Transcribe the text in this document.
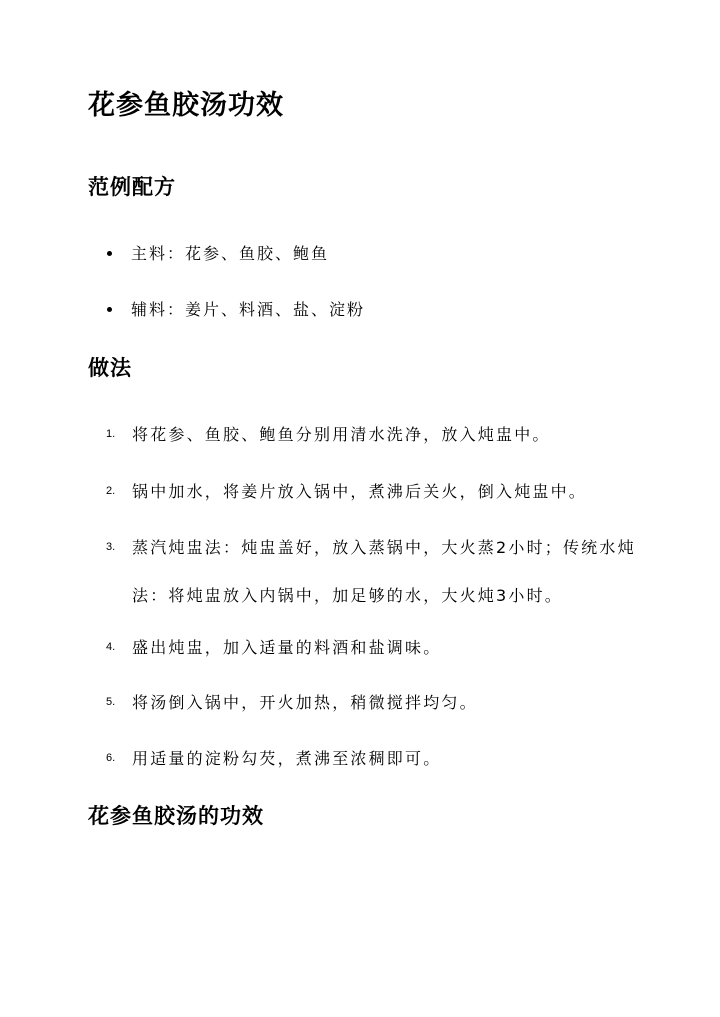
花参鱼胶汤功效
范例配方
主料：花参、鱼胶、鲍鱼
辅料：姜片、料酒、盐、淀粉
做法
1. 将花参、鱼胶、鲍鱼分别用清水洗净，放入炖盅中。
2. 锅中加水，将姜片放入锅中，煮沸后关火，倒入炖盅中。
3. 蒸汽炖盅法：炖盅盖好，放入蒸锅中，大火蒸2小时；传统水炖法：将炖盅放入内锅中，加足够的水，大火炖3小时。
4. 盛出炖盅，加入适量的料酒和盐调味。
5. 将汤倒入锅中，开火加热，稍微搅拌均匀。
6. 用适量的淀粉勾芡，煮沸至浓稠即可。
花参鱼胶汤的功效
